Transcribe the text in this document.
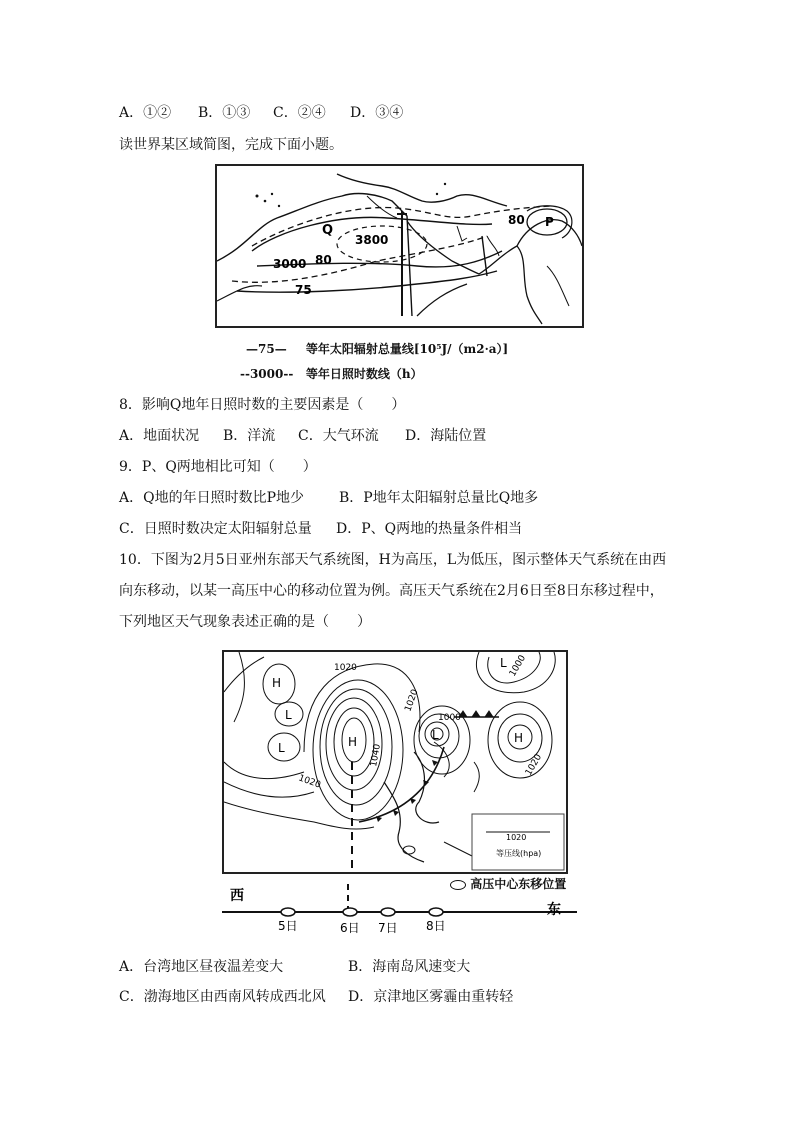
A．①② B．①③ C．②④ D．③④
读世界某区域简图，完成下面小题。
Q
P
3800
3000 80
80
75
—75— 等年太阳辐射总量线[10⁵J/（m2·a）]
--3000-- 等年日照时数线（h）
8．影响Q地年日照时数的主要因素是（　　）
A．地面状况 B．洋流 C．大气环流 D．海陆位置
9．P、Q两地相比可知（　　）
A．Q地的年日照时数比P地少 B．P地年太阳辐射总量比Q地多
C．日照时数决定太阳辐射总量 D．P、Q两地的热量条件相当
10．下图为2月5日亚州东部天气系统图，H为高压，L为低压，图示整体天气系统在由西
向东移动，以某一高压中心的移动位置为例。高压天气系统在2月6日至8日东移过程中，
下列地区天气现象表述正确的是（　　）
1020
等压线(hpa)
H
H	H
L
L
L
L
1020
1020
1020
1020
1000
1000
1040
高压中心东移位置
西
东
5日	6日 7日 8日
A．台湾地区昼夜温差变大	B．海南岛风速变大
C．渤海地区由西南风转成西北风 D．京津地区雾霾由重转轻
